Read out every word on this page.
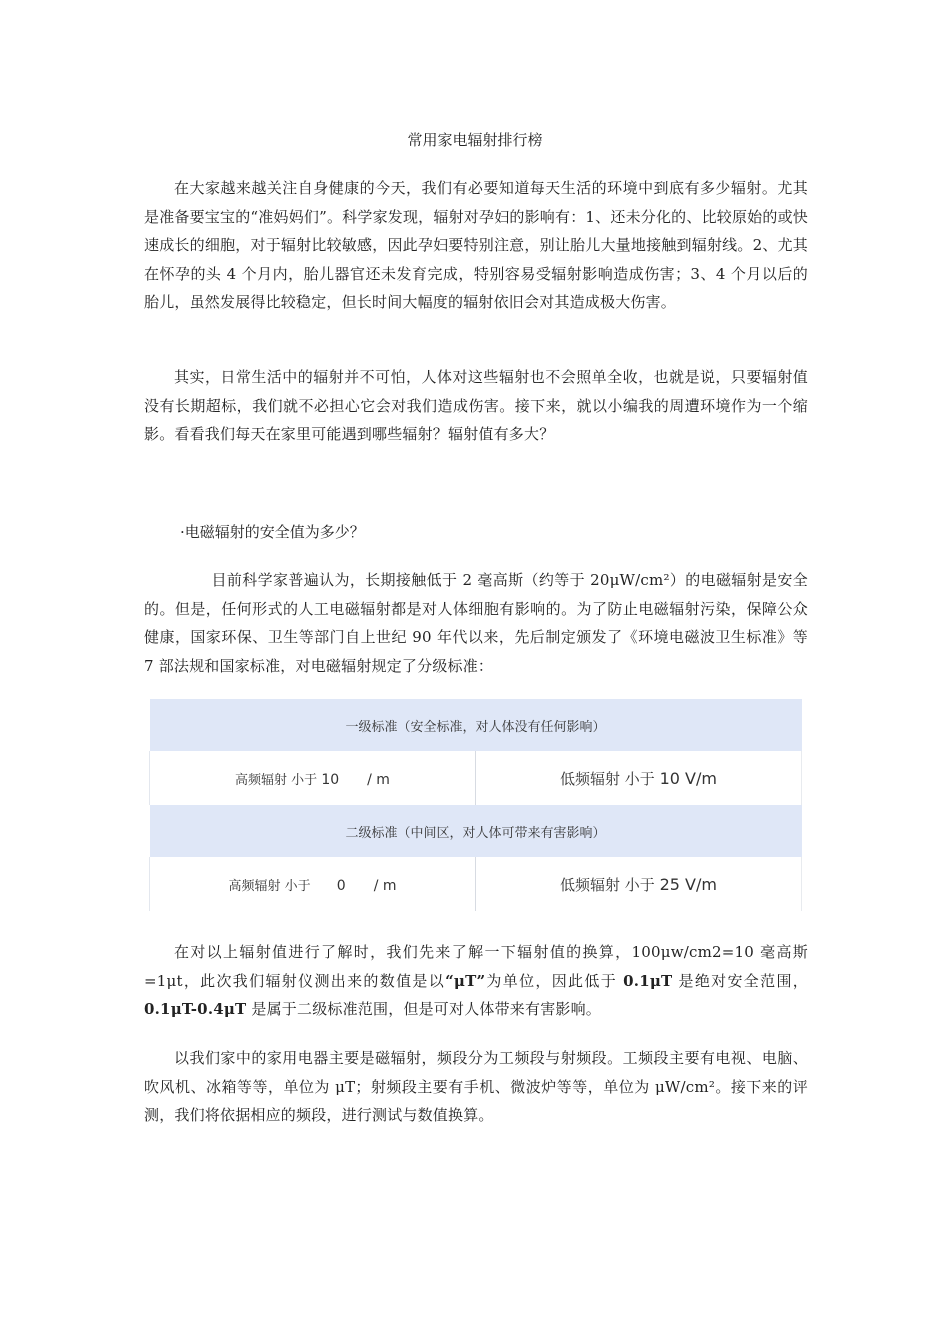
常用家电辐射排行榜

在大家越来越关注自身健康的今天，我们有必要知道每天生活的环境中到底有多少辐射。尤其是准备要宝宝的“准妈妈们”。科学家发现，辐射对孕妇的影响有：1、还未分化的、比较原始的或快速成长的细胞，对于辐射比较敏感，因此孕妇要特别注意，别让胎儿大量地接触到辐射线。2、尤其在怀孕的头 4 个月内，胎儿器官还未发育完成，特别容易受辐射影响造成伤害；3、4 个月以后的胎儿，虽然发展得比较稳定，但长时间大幅度的辐射依旧会对其造成极大伤害。

其实，日常生活中的辐射并不可怕，人体对这些辐射也不会照单全收，也就是说，只要辐射值没有长期超标，我们就不必担心它会对我们造成伤害。接下来，就以小编我的周遭环境作为一个缩影。看看我们每天在家里可能遇到哪些辐射？辐射值有多大？

·电磁辐射的安全值为多少？

目前科学家普遍认为，长期接触低于 2 毫高斯（约等于 20μW/cm²）的电磁辐射是安全的。但是，任何形式的人工电磁辐射都是对人体细胞有影响的。为了防止电磁辐射污染，保障公众健康，国家环保、卫生等部门自上世纪 90 年代以来，先后制定颁发了《环境电磁波卫生标准》等 7 部法规和国家标准，对电磁辐射规定了分级标准：

一级标准（安全标准，对人体没有任何影响）	
高频辐射 小于 10 / m	低频辐射 小于 10 V/m
二级标准（中间区，对人体可带来有害影响）	
高频辐射 小于 0 / m	低频辐射 小于 25 V/m

在对以上辐射值进行了解时，我们先来了解一下辐射值的换算，100μw/cm2=10 毫高斯=1μt，此次我们辐射仪测出来的数值是以“μT”为单位，因此低于 0.1μT 是绝对安全范围，0.1μT-0.4μT 是属于二级标准范围，但是可对人体带来有害影响。

以我们家中的家用电器主要是磁辐射，频段分为工频段与射频段。工频段主要有电视、电脑、吹风机、冰箱等等，单位为 μT；射频段主要有手机、微波炉等等，单位为 μW/cm²。接下来的评测，我们将依据相应的频段，进行测试与数值换算。
